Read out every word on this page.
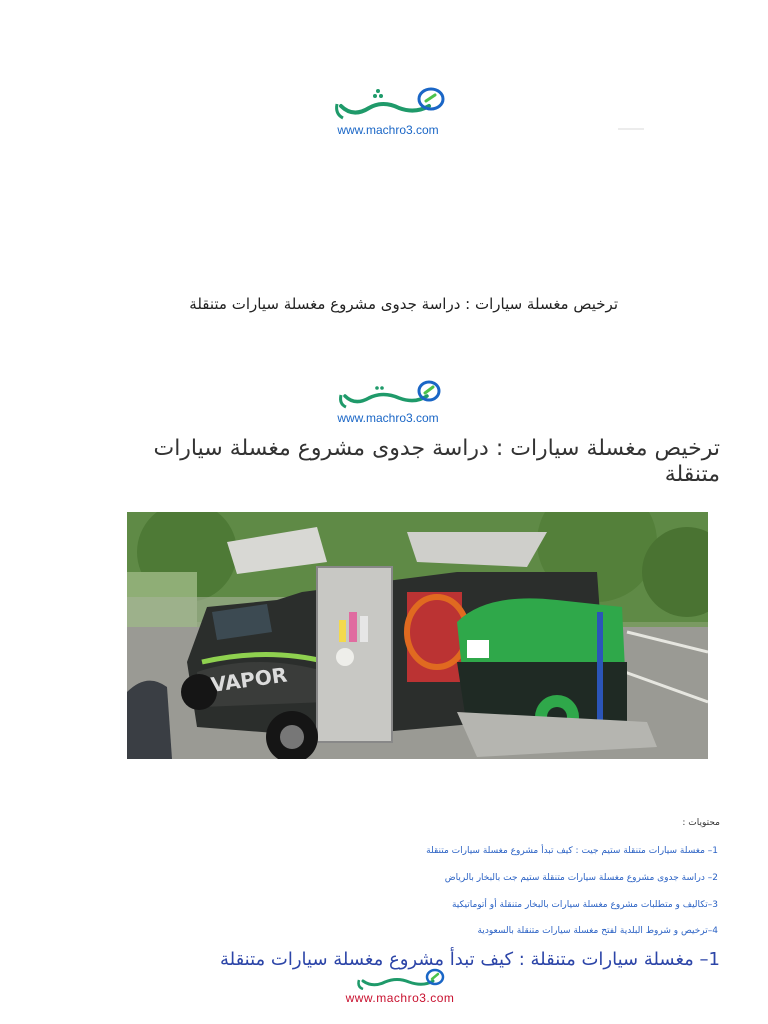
www.machro3.com
ترخيص مغسلة سيارات : دراسة جدوى مشروع مغسلة سيارات متنقلة
www.machro3.com
ترخيص مغسلة سيارات : دراسة جدوى مشروع مغسلة سيارات متنقلة
VAPOR
محتويات :
1– مغسلة سيارات متنقلة ستيم جيت : كيف تبدأ مشروع مغسلة سيارات متنقلة
2– دراسة جدوى مشروع مغسلة سيارات متنقلة ستيم جت بالبخار بالرياض
3–تكاليف و متطلبات مشروع مغسلة سيارات بالبخار متنقلة أو أتوماتيكية
4–ترخيص و شروط البلدية لفتح مغسلة سيارات متنقلة بالسعودية
1– مغسلة سيارات متنقلة : كيف تبدأ مشروع مغسلة سيارات متنقلة
www.machro3.com
